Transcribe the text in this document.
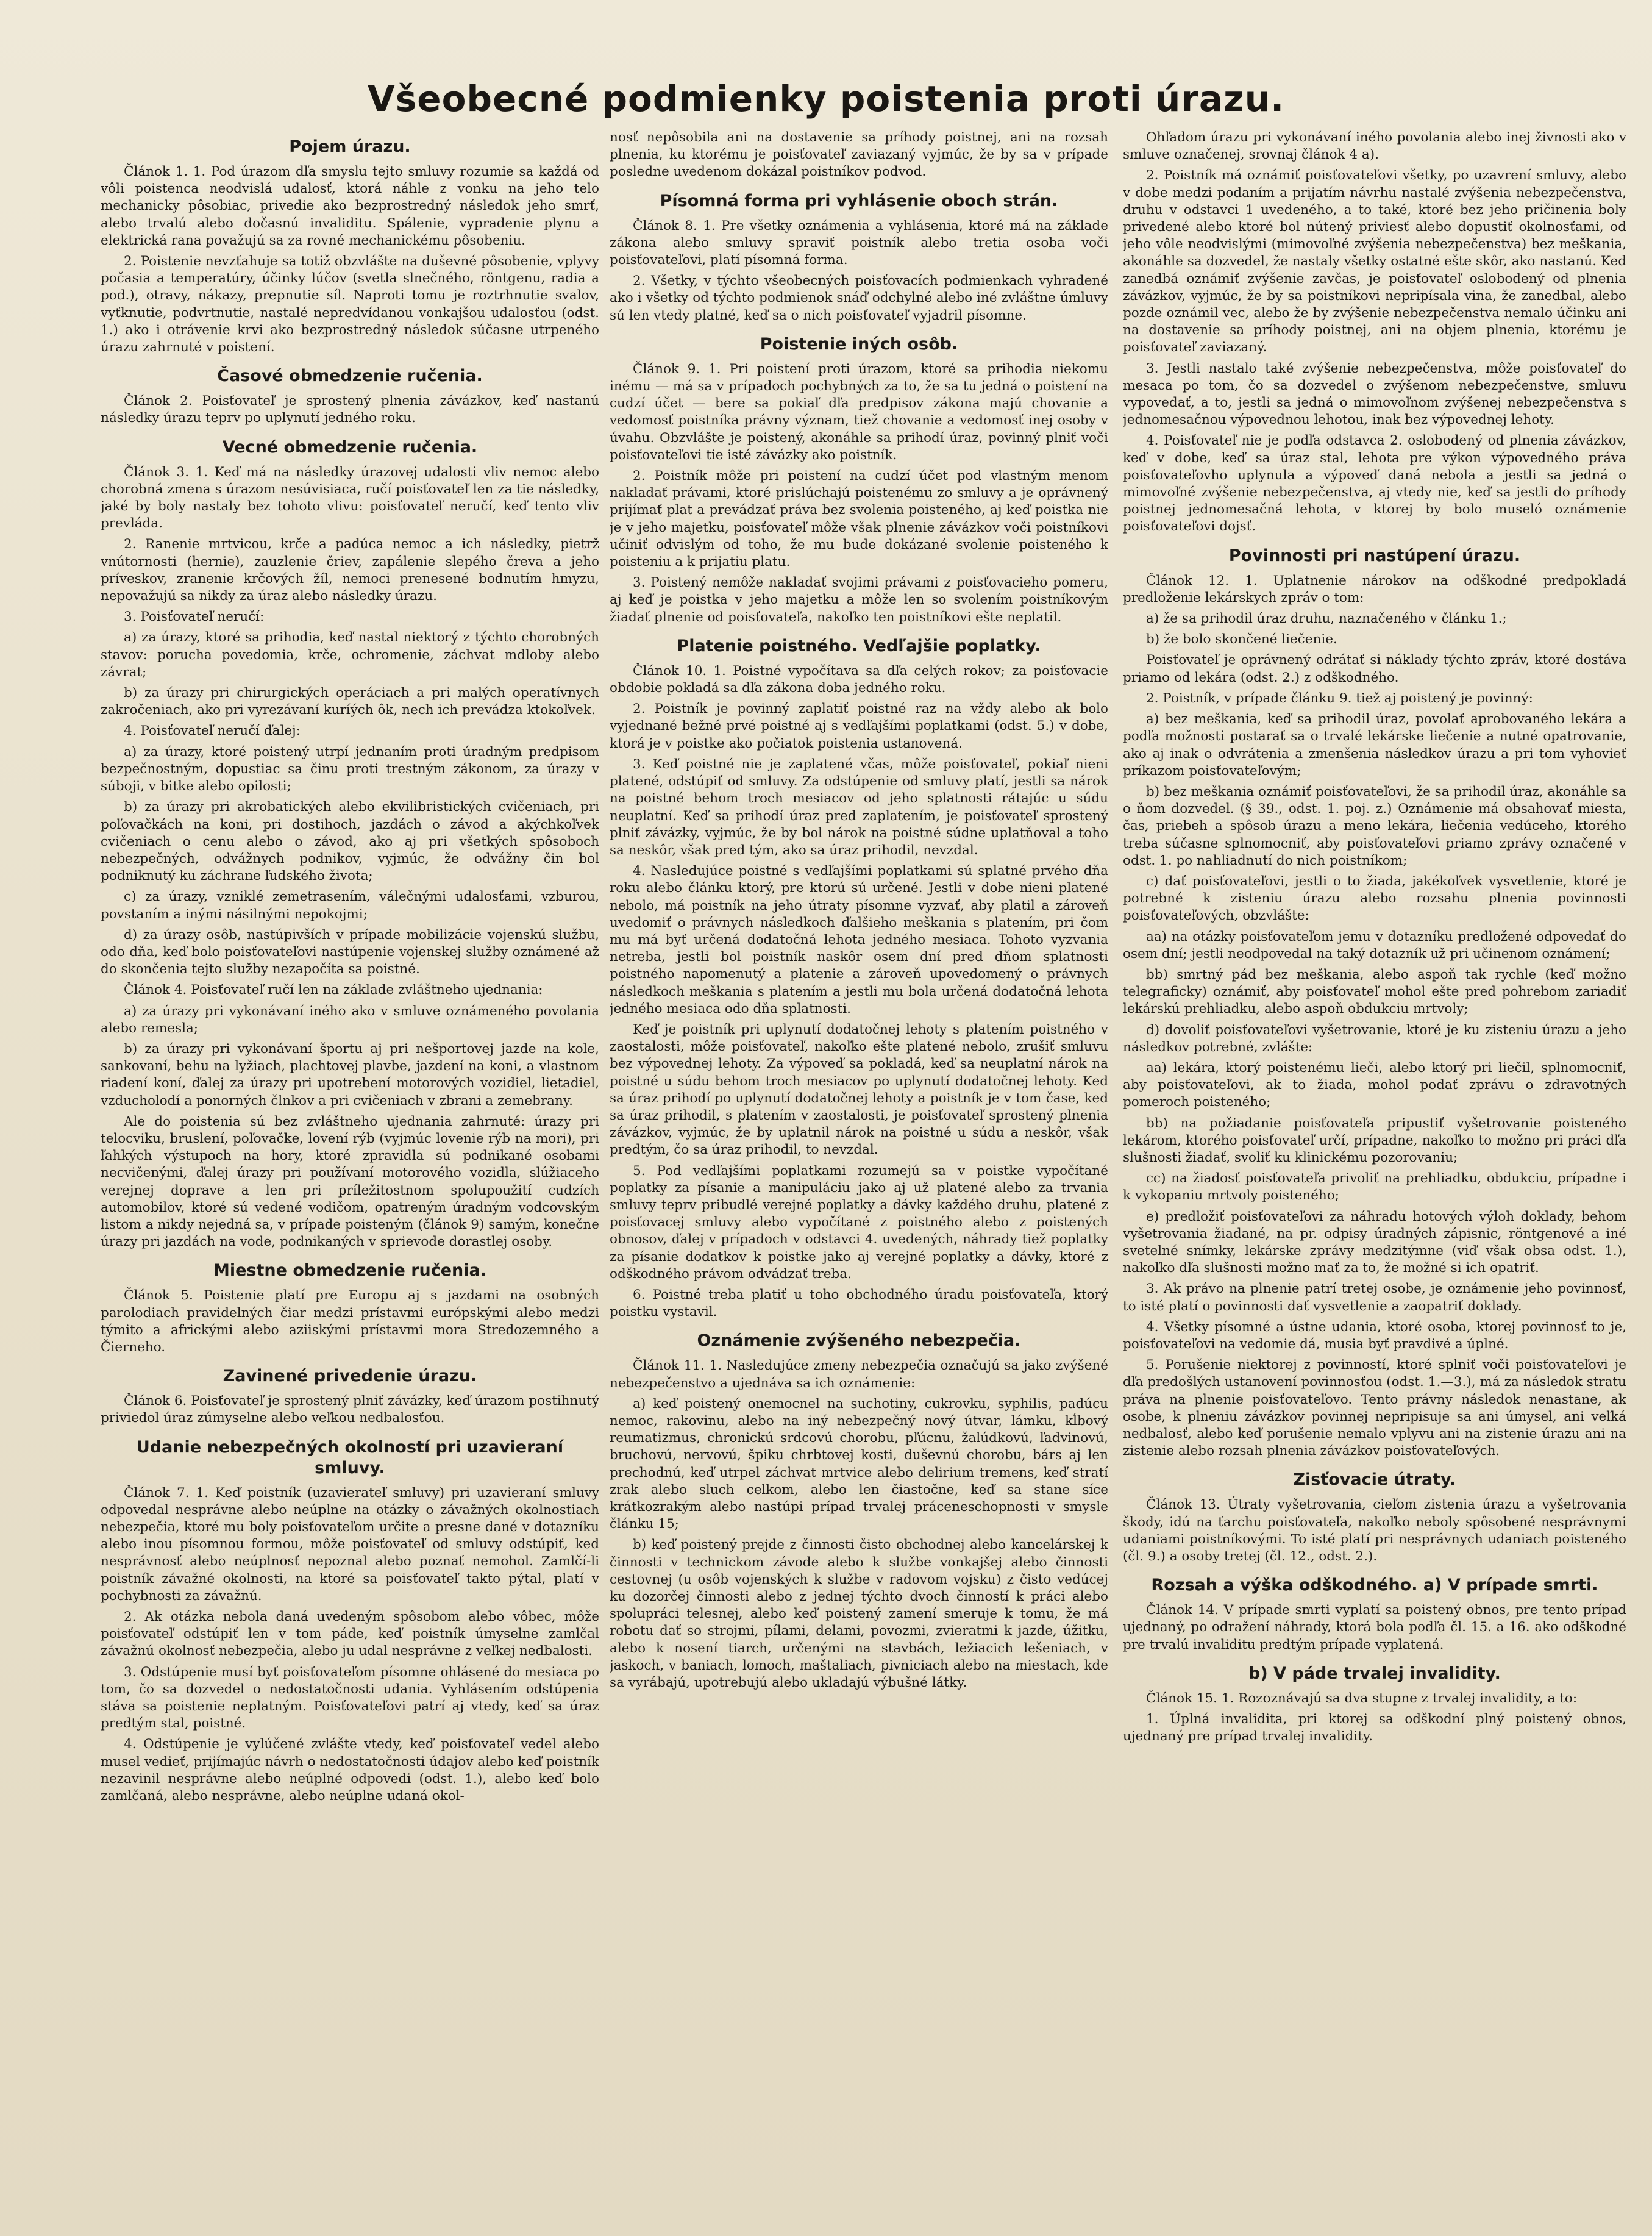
Všeobecné podmienky poistenia proti úrazu.
Pojem úrazu.

Článok 1. 1. Pod úrazom dľa smyslu tejto smluvy rozumie sa každá od vôli poistenca neodvislá udalosť, ktorá náhle z vonku na jeho telo mechanicky pôsobiac, privedie ako bezprostredný následok jeho smrť, alebo trvalú alebo dočasnú invaliditu. Spálenie, vypradenie plynu a elektrická rana považujú sa za rovné mechanickému pôsobeniu.

2. Poistenie nevzťahuje sa totiž obzvlášte na duševné pôsobenie, vplyvy počasia a temperatúry, účinky lúčov (svetla slnečného, röntgenu, radia a pod.), otravy, nákazy, prepnutie síl. Naproti tomu je roztrhnutie svalov, vyťknutie, podvrtnutie, nastalé nepredvídanou vonkajšou udalosťou (odst. 1.) ako i otrávenie krvi ako bezprostredný následok súčasne utrpeného úrazu zahrnuté v poistení.

Časové obmedzenie ručenia.

Článok 2. Poisťovateľ je sprostený plnenia závázkov, keď nastanú následky úrazu teprv po uplynutí jedného roku.

Vecné obmedzenie ručenia.

Článok 3. 1. Keď má na následky úrazovej udalosti vliv nemoc alebo chorobná zmena s úrazom nesúvisiaca, ručí poisťovateľ len za tie následky, jaké by boly nastaly bez tohoto vlivu: poisťovateľ neručí, keď tento vliv prevláda.

2. Ranenie mrtvicou, krče a padúca nemoc a ich následky, pietrž vnútornosti (hernie), zauzlenie čriev, zapálenie slepého čreva a jeho príveskov, zranenie krčových žíl, nemoci prenesené bodnutím hmyzu, nepovažujú sa nikdy za úraz alebo následky úrazu.

3. Poisťovateľ neručí:

a) za úrazy, ktoré sa prihodia, keď nastal niektorý z týchto chorobných stavov: porucha povedomia, krče, ochromenie, záchvat mdloby alebo závrat;

b) za úrazy pri chirurgických operáciach a pri malých operatívnych zakročeniach, ako pri vyrezávaní kuríých ôk, nech ich prevádza ktokoľvek.

4. Poisťovateľ neručí ďalej:

a) za úrazy, ktoré poistený utrpí jednaním proti úradným predpisom bezpečnostným, dopustiac sa činu proti trestným zákonom, za úrazy v súboji, v bitke alebo opilosti;

b) za úrazy pri akrobatických alebo ekvilibristických cvičeniach, pri poľovačkách na koni, pri dostihoch, jazdách o závod a akýchkoľvek cvičeniach o cenu alebo o závod, ako aj pri všetkých spôsoboch nebezpečných, odvážnych podnikov, vyjmúc, že odvážny čin bol podniknutý ku záchrane ľudského života;

c) za úrazy, vzniklé zemetrasením, válečnými udalosťami, vzburou, povstaním a inými násilnými nepokojmi;

d) za úrazy osôb, nastúpivších v prípade mobilizácie vojenskú službu, odo dňa, keď bolo poisťovateľovi nastúpenie vojenskej služby oznámené až do skončenia tejto služby nezapočíta sa poistné.

Článok 4. Poisťovateľ ručí len na základe zvláštneho ujednania:

a) za úrazy pri vykonávaní iného ako v smluve oznámeného povolania alebo remesla;

b) za úrazy pri vykonávaní športu aj pri nešportovej jazde na kole, sankovaní, behu na lyžiach, plachtovej plavbe, jazdení na koni, a vlastnom riadení koní, ďalej za úrazy pri upotrebení motorových vozidiel, lietadiel, vzducholodí a ponorných člnkov a pri cvičeniach v zbrani a zemebrany.

Ale do poistenia sú bez zvláštneho ujednania zahrnuté: úrazy pri telocviku, bruslení, poľovačke, lovení rýb (vyjmúc lovenie rýb na mori), pri ľahkých výstupoch na hory, ktoré zpravidla sú podnikané osobami necvičenými, ďalej úrazy pri používaní motorového vozidla, slúžiaceho verejnej doprave a len pri príležitostnom spolupoužití cudzích automobilov, ktoré sú vedené vodičom, opatreným úradným vodcovským listom a nikdy nejedná sa, v prípade poisteným (článok 9) samým, konečne úrazy pri jazdách na vode, podnikaných v sprievode dorastlej osoby.

Miestne obmedzenie ručenia.

Článok 5. Poistenie platí pre Europu aj s jazdami na osobných parolodiach pravidelných čiar medzi prístavmi európskými alebo medzi týmito a africkými alebo aziiskými prístavmi mora Stredozemného a Čierneho.

Zavinené privedenie úrazu.

Článok 6. Poisťovateľ je sprostený plniť závázky, keď úrazom postihnutý priviedol úraz zúmyselne alebo veľkou nedbalosťou.

Udanie nebezpečných okolností pri uzavieraní smluvy.

Článok 7. 1. Keď poistník (uzavierateľ smluvy) pri uzavieraní smluvy odpovedal nesprávne alebo neúplne na otázky o závažných okolnostiach nebezpečia, ktoré mu boly poisťovateľom určite a presne dané v dotazníku alebo inou písomnou formou, môže poisťovateľ od smluvy odstúpiť, keď nesprávnosť alebo neúplnosť nepoznal alebo poznať nemohol. Zamlčí-li poistník závažné okolnosti, na ktoré sa poisťovateľ takto pýtal, platí v pochybnosti za závažnú.

2. Ak otázka nebola daná uvedeným spôsobom alebo vôbec, môže poisťovateľ odstúpiť len v tom páde, keď poistník úmyselne zamlčal závažnú okolnosť nebezpečia, alebo ju udal nesprávne z veľkej nedbalosti.

3. Odstúpenie musí byť poisťovateľom písomne ohlásené do mesiaca po tom, čo sa dozvedel o nedostatočnosti udania. Vyhlásením odstúpenia stáva sa poistenie neplatným. Poisťovateľovi patrí aj vtedy, keď sa úraz predtým stal, poistné.

4. Odstúpenie je vylúčené zvlášte vtedy, keď poisťovateľ vedel alebo musel vedieť, prijímajúc návrh o nedostatočnosti údajov alebo keď poistník nezavinil nesprávne alebo neúplné odpovedi (odst. 1.), alebo keď bolo zamlčaná, alebo nesprávne, alebo neúplne udaná okol-

nosť nepôsobila ani na dostavenie sa príhody poistnej, ani na rozsah plnenia, ku ktorému je poisťovateľ zaviazaný vyjmúc, že by sa v prípade posledne uvedenom dokázal poistníkov podvod.

Písomná forma pri vyhlásenie oboch strán.

Článok 8. 1. Pre všetky oznámenia a vyhlásenia, ktoré má na základe zákona alebo smluvy spraviť poistník alebo tretia osoba voči poisťovateľovi, platí písomná forma.

2. Všetky, v týchto všeobecných poisťovacích podmienkach vyhradené ako i všetky od týchto podmienok snáď odchylné alebo iné zvláštne úmluvy sú len vtedy platné, keď sa o nich poisťovateľ vyjadril písomne.

Poistenie iných osôb.

Článok 9. 1. Pri poistení proti úrazom, ktoré sa prihodia niekomu inému — má sa v prípadoch pochybných za to, že sa tu jedná o poistení na cudzí účet — bere sa pokiaľ dľa predpisov zákona majú chovanie a vedomosť poistníka právny význam, tiež chovanie a vedomosť inej osoby v úvahu. Obzvlášte je poistený, akonáhle sa prihodí úraz, povinný plniť voči poisťovateľovi tie isté závázky ako poistník.

2. Poistník môže pri poistení na cudzí účet pod vlastným menom nakladať právami, ktoré prislúchajú poistenému zo smluvy a je oprávnený prijímať plat a prevádzať práva bez svolenia poisteného, aj keď poistka nie je v jeho majetku, poisťovateľ môže však plnenie závázkov voči poistníkovi učiniť odvislým od toho, že mu bude dokázané svolenie poisteného k poisteniu a k prijatiu platu.

3. Poistený nemôže nakladať svojimi právami z poisťovacieho pomeru, aj keď je poistka v jeho majetku a môže len so svolením poistníkovým žiadať plnenie od poisťovateľa, nakoľko ten poistníkovi ešte neplatil.

Platenie poistného. Vedľajšie poplatky.

Článok 10. 1. Poistné vypočítava sa dľa celých rokov; za poisťovacie obdobie pokladá sa dľa zákona doba jedného roku.

2. Poistník je povinný zaplatiť poistné raz na vždy alebo ak bolo vyjednané bežné prvé poistné aj s vedľajšími poplatkami (odst. 5.) v dobe, ktorá je v poistke ako počiatok poistenia ustanovená.

3. Keď poistné nie je zaplatené včas, môže poisťovateľ, pokiaľ nieni platené, odstúpiť od smluvy. Za odstúpenie od smluvy platí, jestli sa nárok na poistné behom troch mesiacov od jeho splatnosti rátajúc u súdu neuplatní. Keď sa prihodí úraz pred zaplatením, je poisťovateľ sprostený plniť závázky, vyjmúc, že by bol nárok na poistné súdne uplatňoval a toho sa neskôr, však pred tým, ako sa úraz prihodil, nevzdal.

4. Nasledujúce poistné s vedľajšími poplatkami sú splatné prvého dňa roku alebo článku ktorý, pre ktorú sú určené. Jestli v dobe nieni platené nebolo, má poistník na jeho útraty písomne vyzvať, aby platil a zároveň uvedomiť o právnych následkoch ďalšieho meškania s platením, pri čom mu má byť určená dodatočná lehota jedného mesiaca. Tohoto vyzvania netreba, jestli bol poistník naskôr osem dní pred dňom splatnosti poistného napomenutý a platenie a zároveň upovedomený o právnych následkoch meškania s platením a jestli mu bola určená dodatočná lehota jedného mesiaca odo dňa splatnosti.

Keď je poistník pri uplynutí dodatočnej lehoty s platením poistného v zaostalosti, môže poisťovateľ, nakoľko ešte platené nebolo, zrušiť smluvu bez výpovednej lehoty. Za výpoveď sa pokladá, keď sa neuplatní nárok na poistné u súdu behom troch mesiacov po uplynutí dodatočnej lehoty. Keď sa úraz prihodí po uplynutí dodatočnej lehoty a poistník je v tom čase, keď sa úraz prihodil, s platením v zaostalosti, je poisťovateľ sprostený plnenia závázkov, vyjmúc, že by uplatnil nárok na poistné u súdu a neskôr, však predtým, čo sa úraz prihodil, to nevzdal.

5. Pod vedľajšími poplatkami rozumejú sa v poistke vypočítané poplatky za písanie a manipuláciu jako aj už platené alebo za trvania smluvy teprv pribudlé verejné poplatky a dávky každého druhu, platené z poisťovacej smluvy alebo vypočítané z poistného alebo z poistených obnosov, ďalej v prípadoch v odstavci 4. uvedených, náhrady tiež poplatky za písanie dodatkov k poistke jako aj verejné poplatky a dávky, ktoré z odškodného právom odvádzať treba.

6. Poistné treba platiť u toho obchodného úradu poisťovateľa, ktorý poistku vystavil.

Oznámenie zvýšeného nebezpečia.

Článok 11. 1. Nasledujúce zmeny nebezpečia označujú sa jako zvýšené nebezpečenstvo a ujednáva sa ich oznámenie:

a) keď poistený onemocnel na suchotiny, cukrovku, syphilis, padúcu nemoc, rakovinu, alebo na iný nebezpečný nový útvar, lámku, kĺbový reumatizmus, chronickú srdcovú chorobu, pľúcnu, žalúdkovú, ľadvinovú, bruchovú, nervovú, špiku chrbtovej kosti, duševnú chorobu, bárs aj len prechodnú, keď utrpel záchvat mrtvice alebo delirium tremens, keď stratí zrak alebo sluch celkom, alebo len čiastočne, keď sa stane síce krátkozrakým alebo nastúpi prípad trvalej práceneschopnosti v smysle článku 15;

b) keď poistený prejde z činnosti čisto obchodnej alebo kancelárskej k činnosti v technickom závode alebo k službe vonkajšej alebo činnosti cestovnej (u osôb vojenských k službe v radovom vojsku) z čisto vedúcej ku dozorčej činnosti alebo z jednej týchto dvoch činností k práci alebo spolupráci telesnej, alebo keď poistený zamení smeruje k tomu, že má robotu dať so strojmi, pílami, delami, povozmi, zvieratmi k jazde, úžitku, alebo k nosení tiarch, určenými na stavbách, ležiacich lešeniach, v jaskoch, v baniach, lomoch, maštaliach, pivniciach alebo na miestach, kde sa vyrábajú, upotrebujú alebo ukladajú výbušné látky.

Ohľadom úrazu pri vykonávaní iného povolania alebo inej živnosti ako v smluve označenej, srovnaj článok 4 a).

2. Poistník má oznámiť poisťovateľovi všetky, po uzavrení smluvy, alebo v dobe medzi podaním a prijatím návrhu nastalé zvýšenia nebezpečenstva, druhu v odstavci 1 uvedeného, a to také, ktoré bez jeho pričinenia boly privedené alebo ktoré bol nútený priviesť alebo dopustiť okolnosťami, od jeho vôle neodvislými (mimovoľné zvýšenia nebezpečenstva) bez meškania, akonáhle sa dozvedel, že nastaly všetky ostatné ešte skôr, ako nastanú. Keď zanedbá oznámiť zvýšenie zavčas, je poisťovateľ oslobodený od plnenia závázkov, vyjmúc, že by sa poistníkovi nepripísala vina, že zanedbal, alebo pozde oznámil vec, alebo že by zvýšenie nebezpečenstva nemalo účinku ani na dostavenie sa príhody poistnej, ani na objem plnenia, ktorému je poisťovateľ zaviazaný.

3. Jestli nastalo také zvýšenie nebezpečenstva, môže poisťovateľ do mesaca po tom, čo sa dozvedel o zvýšenom nebezpečenstve, smluvu vypovedať, a to, jestli sa jedná o mimovoľnom zvýšenej nebezpečenstva s jednomesačnou výpovednou lehotou, inak bez výpovednej lehoty.

4. Poisťovateľ nie je podľa odstavca 2. oslobodený od plnenia závázkov, keď v dobe, keď sa úraz stal, lehota pre výkon výpovedného práva poisťovateľovho uplynula a výpoveď daná nebola a jestli sa jedná o mimovoľné zvýšenie nebezpečenstva, aj vtedy nie, keď sa jestli do príhody poistnej jednomesačná lehota, v ktorej by bolo museló oznámenie poisťovateľovi dojsť.

Povinnosti pri nastúpení úrazu.

Článok 12. 1. Uplatnenie nárokov na odškodné predpokladá predloženie lekárskych zpráv o tom:

a) že sa prihodil úraz druhu, naznačeného v článku 1.;

b) že bolo skončené liečenie.

Poisťovateľ je oprávnený odrátať si náklady týchto zpráv, ktoré dostáva priamo od lekára (odst. 2.) z odškodného.

2. Poistník, v prípade článku 9. tiež aj poistený je povinný:

a) bez meškania, keď sa prihodil úraz, povolať aprobovaného lekára a podľa možnosti postarať sa o trvalé lekárske liečenie a nutné opatrovanie, ako aj inak o odvrátenia a zmenšenia následkov úrazu a pri tom vyhovieť príkazom poisťovateľovým;

b) bez meškania oznámiť poisťovateľovi, že sa prihodil úraz, akonáhle sa o ňom dozvedel. (§ 39., odst. 1. poj. z.) Oznámenie má obsahovať miesta, čas, priebeh a spôsob úrazu a meno lekára, liečenia vedúceho, ktorého treba súčasne splnomocniť, aby poisťovateľovi priamo zprávy označené v odst. 1. po nahliadnutí do nich poistníkom;

c) dať poisťovateľovi, jestli o to žiada, jakékoľvek vysvetlenie, ktoré je potrebné k zisteniu úrazu alebo rozsahu plnenia povinnosti poisťovateľových, obzvlášte:

aa) na otázky poisťovateľom jemu v dotazníku predložené odpovedať do osem dní; jestli neodpovedal na taký dotazník už pri učinenom oznámení;

bb) smrtný pád bez meškania, alebo aspoň tak rychle (keď možno telegraficky) oznámiť, aby poisťovateľ mohol ešte pred pohrebom zariadiť lekárskú prehliadku, alebo aspoň obdukciu mrtvoly;

d) dovoliť poisťovateľovi vyšetrovanie, ktoré je ku zisteniu úrazu a jeho následkov potrebné, zvlášte:

aa) lekára, ktorý poistenému lieči, alebo ktorý pri liečil, splnomocniť, aby poisťovateľovi, ak to žiada, mohol podať zprávu o zdravotných pomeroch poisteného;

bb) na požiadanie poisťovateľa pripustiť vyšetrovanie poisteného lekárom, ktorého poisťovateľ určí, prípadne, nakoľko to možno pri práci dľa slušnosti žiadať, svoliť ku klinickému pozorovaniu;

cc) na žiadosť poisťovateľa privoliť na prehliadku, obdukciu, prípadne i k vykopaniu mrtvoly poisteného;

e) predložiť poisťovateľovi za náhradu hotových výloh doklady, behom vyšetrovania žiadané, na pr. odpisy úradných zápisnic, röntgenové a iné svetelné snímky, lekárske zprávy medzitýmne (viď však obsa odst. 1.), nakoľko dľa slušnosti možno mať za to, že možné si ich opatriť.

3. Ak právo na plnenie patrí tretej osobe, je oznámenie jeho povinnosť, to isté platí o povinnosti dať vysvetlenie a zaopatriť doklady.

4. Všetky písomné a ústne udania, ktoré osoba, ktorej povinnosť to je, poisťovateľovi na vedomie dá, musia byť pravdivé a úplné.

5. Porušenie niektorej z povinností, ktoré splniť voči poisťovateľovi je dľa predošlých ustanovení povinnosťou (odst. 1.—3.), má za následok stratu práva na plnenie poisťovateľovo. Tento právny následok nenastane, ak osobe, k plneniu závázkov povinnej nepripisuje sa ani úmysel, ani veľká nedbalosť, alebo keď porušenie nemalo vplyvu ani na zistenie úrazu ani na zistenie alebo rozsah plnenia závázkov poisťovateľových.

Zisťovacie útraty.

Článok 13. Útraty vyšetrovania, cieľom zistenia úrazu a vyšetrovania škody, idú na ťarchu poisťovateľa, nakoľko neboly spôsobené nesprávnymi udaniami poistníkovými. To isté platí pri nesprávnych udaniach poisteného (čl. 9.) a osoby tretej (čl. 12., odst. 2.).

Rozsah a výška odškodného. a) V prípade smrti.

Článok 14. V prípade smrti vyplatí sa poistený obnos, pre tento prípad ujednaný, po odražení náhrady, ktorá bola podľa čl. 15. a 16. ako odškodné pre trvalú invaliditu predtým prípade vyplatená.

b) V páde trvalej invalidity.

Článok 15. 1. Rozoznávajú sa dva stupne z trvalej invalidity, a to:

1. Úplná invalidita, pri ktorej sa odškodní plný poistený obnos, ujednaný pre prípad trvalej invalidity.
